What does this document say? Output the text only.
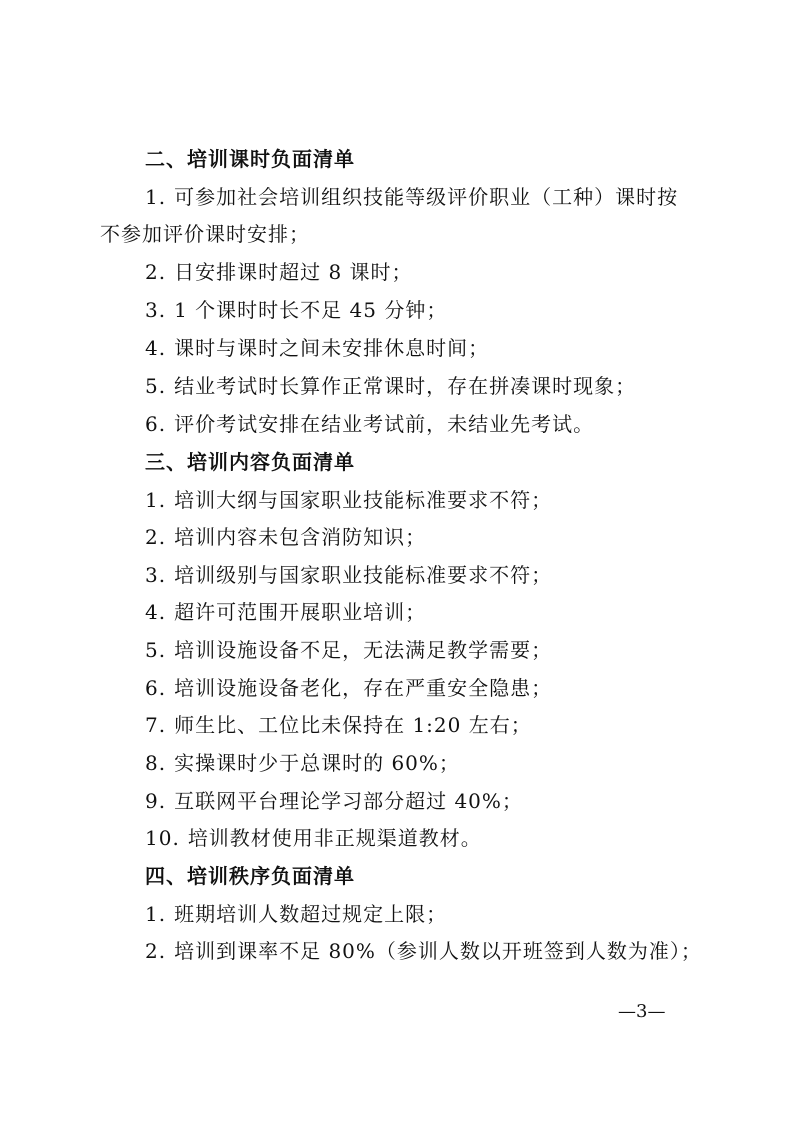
二、培训课时负面清单
1. 可参加社会培训组织技能等级评价职业（工种）课时按
不参加评价课时安排；
2. 日安排课时超过 8 课时；
3. 1 个课时时长不足 45 分钟；
4. 课时与课时之间未安排休息时间；
5. 结业考试时长算作正常课时，存在拼凑课时现象；
6. 评价考试安排在结业考试前，未结业先考试。
三、培训内容负面清单
1. 培训大纲与国家职业技能标准要求不符；
2. 培训内容未包含消防知识；
3. 培训级别与国家职业技能标准要求不符；
4. 超许可范围开展职业培训；
5. 培训设施设备不足，无法满足教学需要；
6. 培训设施设备老化，存在严重安全隐患；
7. 师生比、工位比未保持在 1:20 左右；
8. 实操课时少于总课时的 60%；
9. 互联网平台理论学习部分超过 40%；
10. 培训教材使用非正规渠道教材。
四、培训秩序负面清单
1. 班期培训人数超过规定上限；
2. 培训到课率不足 80%（参训人数以开班签到人数为准）；
—3—
